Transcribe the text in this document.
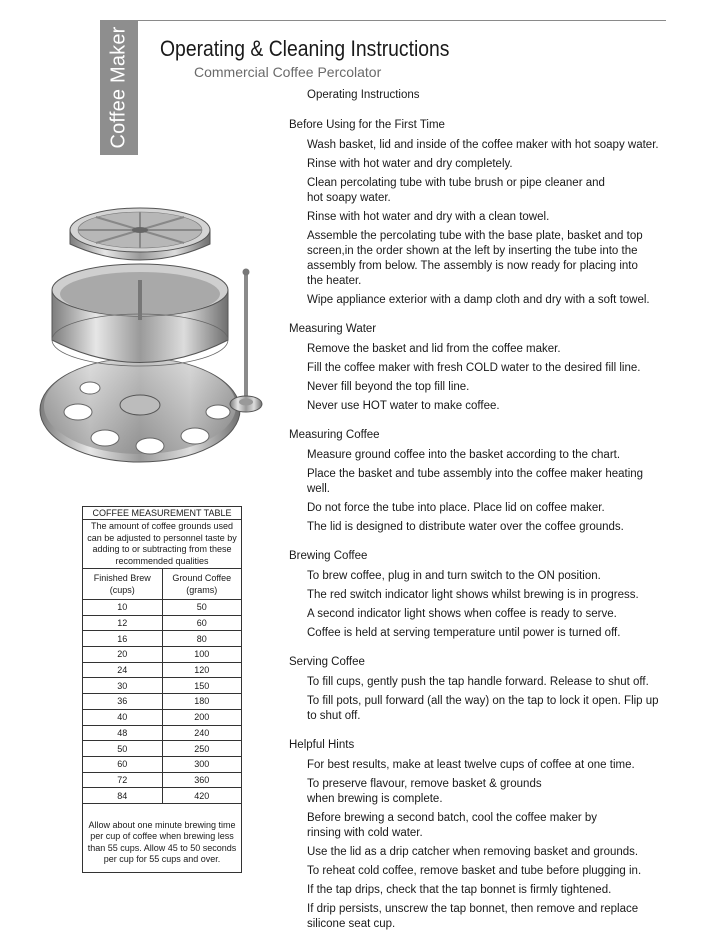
Coffee Maker Operating & Cleaning Instructions
Commercial Coffee Percolator
Operating Instructions
Before Using for the First Time
Wash basket, lid and inside of the coffee maker with hot soapy water.
Rinse with hot water and dry completely.
Clean percolating tube with tube brush or pipe cleaner and hot soapy water.
Rinse with hot water and dry with a clean towel.
Assemble the percolating tube with the base plate, basket and top screen,in the order shown at the left by inserting the tube into the assembly from below. The assembly is now ready for placing into the heater.
Wipe appliance exterior with a damp cloth and dry with a soft towel.
Measuring Water
Remove the basket and lid from the coffee maker.
Fill the coffee maker with fresh COLD water to the desired fill line.
Never fill beyond the top fill line.
Never use HOT water to make coffee.
Measuring Coffee
Measure ground coffee into the basket according to the chart.
Place the basket and tube assembly into the coffee maker heating well.
Do not force the tube into place. Place lid on coffee maker.
The lid is designed to distribute water over the coffee grounds.
Brewing Coffee
To brew coffee, plug in and turn switch to the ON position.
The red switch indicator light shows whilst brewing is in progress.
A second indicator light shows when coffee is ready to serve.
Coffee is held at serving temperature until power is turned off.
Serving Coffee
To fill cups, gently push the tap handle forward. Release to shut off.
To fill pots, pull forward (all the way) on the tap to lock it open. Flip up to shut off.
Helpful Hints
For best results, make at least twelve cups of coffee at one time.
To preserve flavour, remove basket & grounds when brewing is complete.
Before brewing a second batch, cool the coffee maker by rinsing with cold water.
Use the lid as a drip catcher when removing basket and grounds.
To reheat cold coffee, remove basket and tube before plugging in.
If the tap drips, check that the tap bonnet is firmly tightened.
If drip persists, unscrew the tap bonnet, then remove and replace silicone seat cup.
COFFEE MEASUREMENT TABLE
The amount of coffee grounds used can be adjusted to personnel taste by adding to or subtracting from these recommended qualities
Finished Brew (cups)	Ground Coffee (grams)
10	50
12	60
16	80
20	100
24	120
30	150
36	180
40	200
48	240
50	250
60	300
72	360
84	420
Allow about one minute brewing time per cup of coffee when brewing less than 55 cups. Allow 45 to 50 seconds per cup for 55 cups and over.
